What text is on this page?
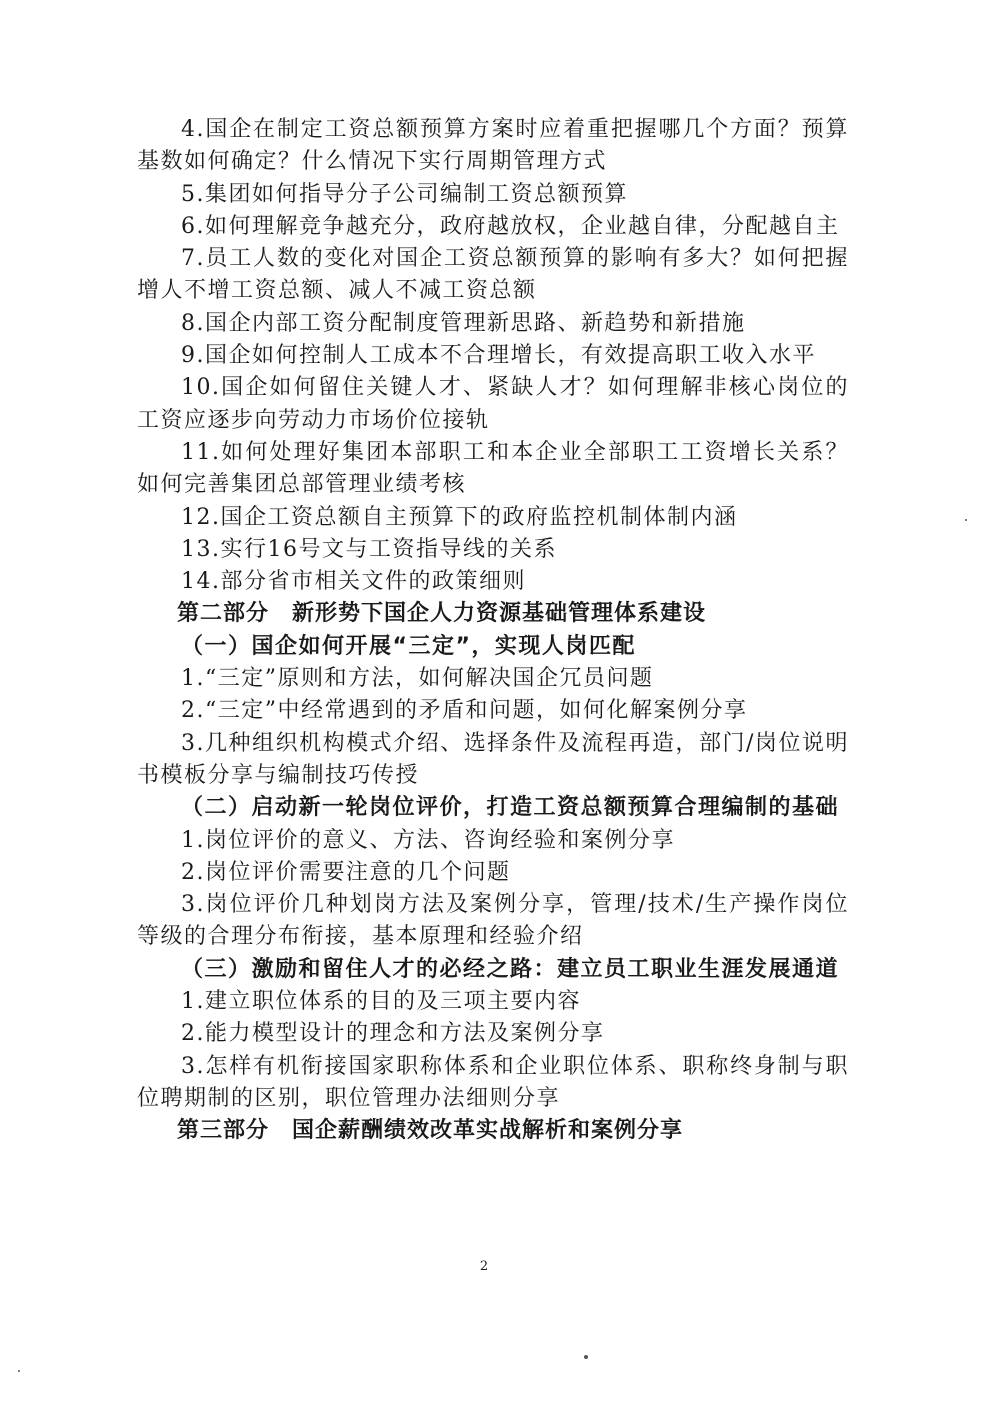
4.国企在制定工资总额预算方案时应着重把握哪几个方面？预算基数如何确定？什么情况下实行周期管理方式

5.集团如何指导分子公司编制工资总额预算

6.如何理解竞争越充分，政府越放权，企业越自律，分配越自主

7.员工人数的变化对国企工资总额预算的影响有多大？如何把握增人不增工资总额、减人不减工资总额

8.国企内部工资分配制度管理新思路、新趋势和新措施

9.国企如何控制人工成本不合理增长，有效提高职工收入水平

10.国企如何留住关键人才、紧缺人才？如何理解非核心岗位的工资应逐步向劳动力市场价位接轨

11.如何处理好集团本部职工和本企业全部职工工资增长关系？如何完善集团总部管理业绩考核

12.国企工资总额自主预算下的政府监控机制体制内涵

13.实行16号文与工资指导线的关系

14.部分省市相关文件的政策细则

第二部分　新形势下国企人力资源基础管理体系建设

（一）国企如何开展“三定”，实现人岗匹配

1.“三定”原则和方法，如何解决国企冗员问题

2.“三定”中经常遇到的矛盾和问题，如何化解案例分享

3.几种组织机构模式介绍、选择条件及流程再造，部门/岗位说明书模板分享与编制技巧传授

（二）启动新一轮岗位评价，打造工资总额预算合理编制的基础

1.岗位评价的意义、方法、咨询经验和案例分享

2.岗位评价需要注意的几个问题

3.岗位评价几种划岗方法及案例分享，管理/技术/生产操作岗位等级的合理分布衔接，基本原理和经验介绍

（三）激励和留住人才的必经之路：建立员工职业生涯发展通道

1.建立职位体系的目的及三项主要内容

2.能力模型设计的理念和方法及案例分享

3.怎样有机衔接国家职称体系和企业职位体系、职称终身制与职位聘期制的区别，职位管理办法细则分享

第三部分　国企薪酬绩效改革实战解析和案例分享

2
